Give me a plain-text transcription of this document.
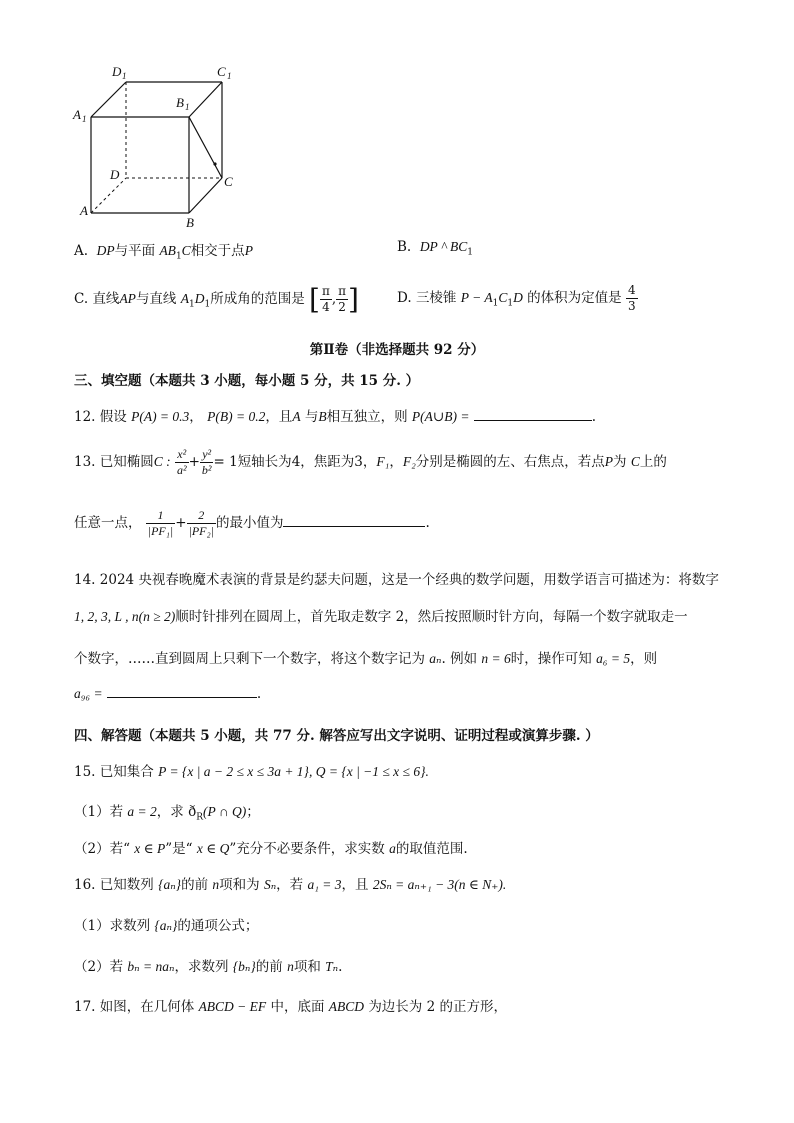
D 1	C 1
A 1
B 1
D	C
A
B
A. DP与平面 $AB_1C$相交于点P	B. DP ^ $BC_1$
C. 直线AP与直线 $A_1D_1$所成角的范围是 [ $\frac{\pi}{4}$ , $\frac{\pi}{2}$ ]	D. 三棱锥 $P - A_1C_1D$ 的体积为定值是 $\frac{4}{3}$
第Ⅱ卷（非选择题共 92 分）
三、填空题（本题共 3 小题，每小题 5 分，共 15 分. ）
12. 假设 P(A) = 0.3， P(B) = 0.2，且A 与B相互独立，则 P(A∪B) =	.
13. 已知椭圆C : $\frac{\text{x²}}{\text{a²}} + \frac{\text{y²}}{\text{b²}} = 1$短轴长为4，焦距为3，F₁，F₂分别是椭圆的左、右焦点，若点P为 C上的
任意一点， $\frac{1}{\text{|PF₁|}} + \frac{2}{\text{|PF₂|}}$ 的最小值为	.
14. 2024 央视春晚魔术表演的背景是约瑟夫问题，这是一个经典的数学问题，用数学语言可描述为：将数字
1, 2, 3, L , n(n ≥ 2)顺时针排列在圆周上，首先取走数字 2，然后按照顺时针方向，每隔一个数字就取走一
个数字，……直到圆周上只剩下一个数字，将这个数字记为 aₙ. 例如 n = 6时，操作可知 a₆ = 5，则
a₉₆ =	.
四、解答题（本题共 5 小题，共 77 分. 解答应写出文字说明、证明过程或演算步骤. ）
15. 已知集合 P = {x | a − 2 ≤ x ≤ 3a + 1}, Q = {x | −1 ≤ x ≤ 6}.
（1）若 a = 2，求 $ð_R(P$ ∩ Q)；
（2）若“ x ∈ P”是“ x ∈ Q”充分不必要条件，求实数 a的取值范围.
16. 已知数列 {aₙ}的前 n项和为 Sₙ，若 a₁ = 3，且 2Sₙ = aₙ₊₁ − 3(n ∈ N₊).
（1）求数列 {aₙ}的通项公式；
（2）若 bₙ = naₙ，求数列 {bₙ}的前 n项和 Tₙ.
17. 如图，在几何体 ABCD − EF 中，底面 ABCD 为边长为 2 的正方形，
